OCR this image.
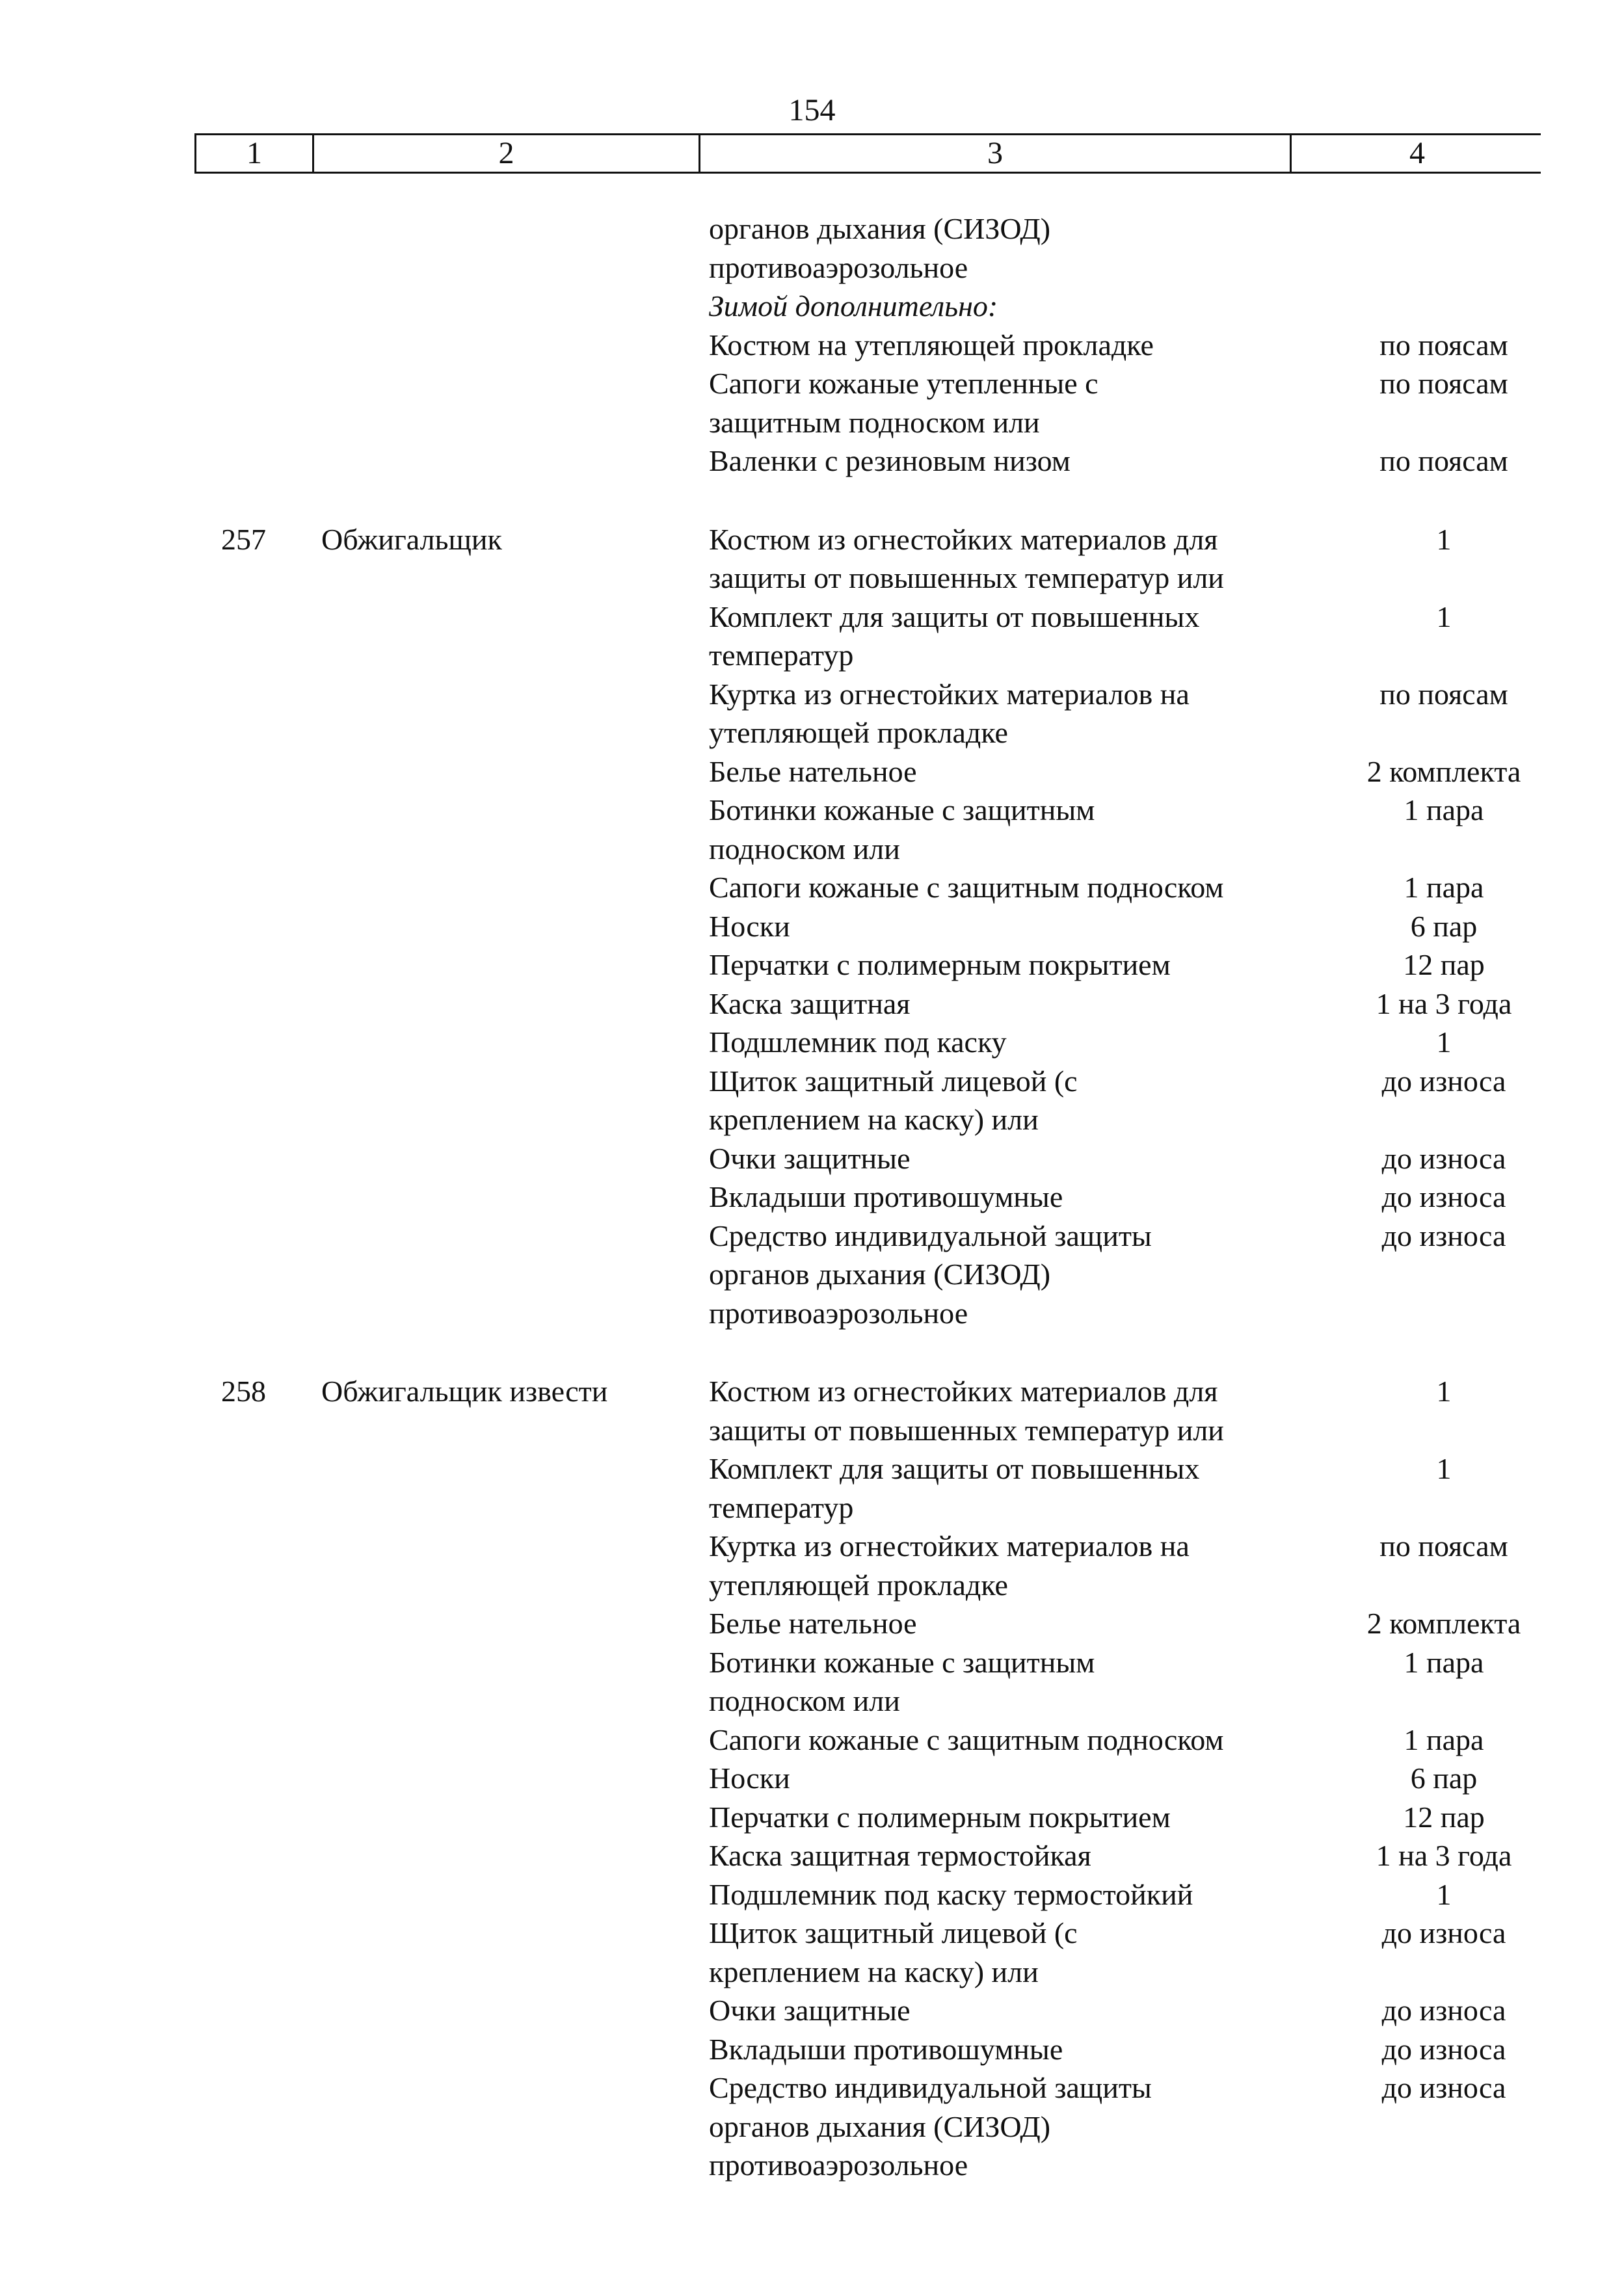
154
1	2	3	4
органов дыхания (СИЗОД)
противоаэрозольное
Зимой дополнительно:
Костюм на утепляющей прокладке	по поясам
Сапоги кожаные утепленные с	по поясам
защитным подноском или
Валенки с резиновым низом	по поясам
257 Обжигальщик	Костюм из огнестойких материалов для	1
защиты от повышенных температур или
Комплект для защиты от повышенных	1
температур
Куртка из огнестойких материалов на	по поясам
утепляющей прокладке
Белье нательное	2 комплекта
Ботинки кожаные с защитным	1 пара
подноском или
Сапоги кожаные с защитным подноском	1 пара
Носки	6 пар
Перчатки с полимерным покрытием	12 пар
Каска защитная	1 на 3 года
Подшлемник под каску	1
Щиток защитный лицевой (с	до износа
креплением на каску) или
Очки защитные	до износа
Вкладыши противошумные	до износа
Средство индивидуальной защиты	до износа
органов дыхания (СИЗОД)
противоаэрозольное
258 Обжигальщик извести	Костюм из огнестойких материалов для	1
защиты от повышенных температур или
Комплект для защиты от повышенных	1
температур
Куртка из огнестойких материалов на	по поясам
утепляющей прокладке
Белье нательное	2 комплекта
Ботинки кожаные с защитным	1 пара
подноском или
Сапоги кожаные с защитным подноском	1 пара
Носки	6 пар
Перчатки с полимерным покрытием	12 пар
Каска защитная термостойкая	1 на 3 года
Подшлемник под каску термостойкий	1
Щиток защитный лицевой (с	до износа
креплением на каску) или
Очки защитные	до износа
Вкладыши противошумные	до износа
Средство индивидуальной защиты	до износа
органов дыхания (СИЗОД)
противоаэрозольное
